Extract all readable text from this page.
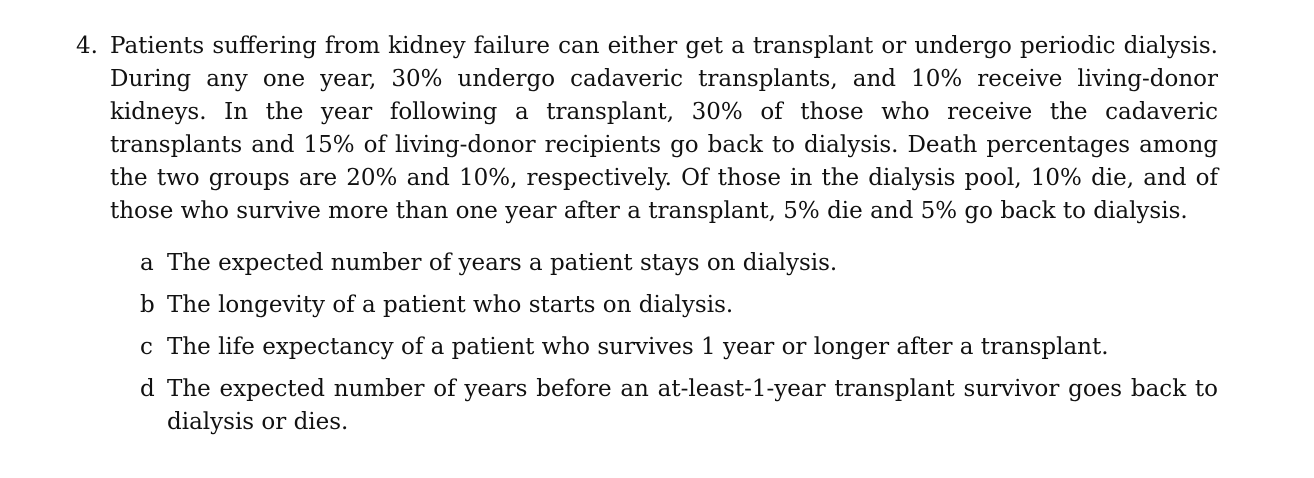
4. Patients suffering from kidney failure can either get a transplant or undergo periodic dialysis. During any one year, 30% undergo cadaveric transplants, and 10% receive living-donor kidneys. In the year following a transplant, 30% of those who receive the cadaveric transplants and 15% of living-donor recipients go back to dialysis. Death percentages among the two groups are 20% and 10%, respectively. Of those in the dialysis pool, 10% die, and of those who survive more than one year after a transplant, 5% die and 5% go back to dialysis.

a The expected number of years a patient stays on dialysis.
b The longevity of a patient who starts on dialysis.
c The life expectancy of a patient who survives 1 year or longer after a transplant.
d The expected number of years before an at-least-1-year transplant survivor goes back to dialysis or dies.
